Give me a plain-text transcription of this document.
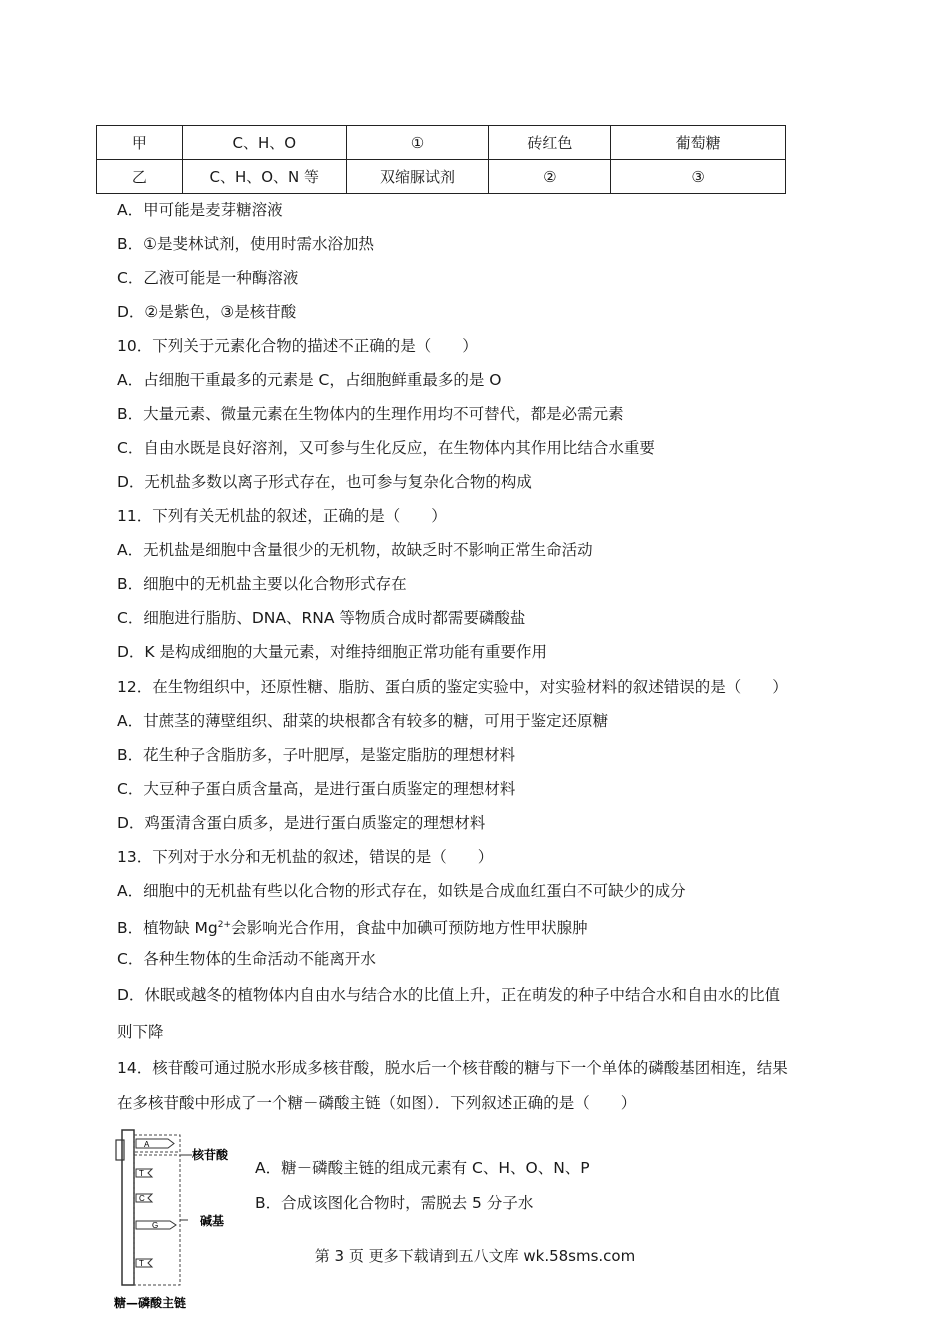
甲	C、H、O	①	砖红色	葡萄糖
乙	C、H、O、N 等	双缩脲试剂	②	③
A．甲可能是麦芽糖溶液
B．①是斐林试剂，使用时需水浴加热
C．乙液可能是一种酶溶液
D．②是紫色，③是核苷酸
10．下列关于元素化合物的描述不正确的是（　　）
A．占细胞干重最多的元素是 C，占细胞鲜重最多的是 O
B．大量元素、微量元素在生物体内的生理作用均不可替代，都是必需元素
C．自由水既是良好溶剂，又可参与生化反应，在生物体内其作用比结合水重要
D．无机盐多数以离子形式存在，也可参与复杂化合物的构成
11．下列有关无机盐的叙述，正确的是（　　）
A．无机盐是细胞中含量很少的无机物，故缺乏时不影响正常生命活动
B．细胞中的无机盐主要以化合物形式存在
C．细胞进行脂肪、DNA、RNA 等物质合成时都需要磷酸盐
D．K 是构成细胞的大量元素，对维持细胞正常功能有重要作用
12．在生物组织中，还原性糖、脂肪、蛋白质的鉴定实验中，对实验材料的叙述错误的是（　　）
A．甘蔗茎的薄壁组织、甜菜的块根都含有较多的糖，可用于鉴定还原糖
B．花生种子含脂肪多，子叶肥厚，是鉴定脂肪的理想材料
C．大豆种子蛋白质含量高，是进行蛋白质鉴定的理想材料
D．鸡蛋清含蛋白质多，是进行蛋白质鉴定的理想材料
13．下列对于水分和无机盐的叙述，错误的是（　　）
A．细胞中的无机盐有些以化合物的形式存在，如铁是合成血红蛋白不可缺少的成分
B．植物缺 $Mg^{2+}$会影响光合作用，食盐中加碘可预防地方性甲状腺肿
C．各种生物体的生命活动不能离开水
D．休眠或越冬的植物体内自由水与结合水的比值上升，正在萌发的种子中结合水和自由水的比值
则下降
14．核苷酸可通过脱水形成多核苷酸，脱水后一个核苷酸的糖与下一个单体的磷酸基团相连，结果
在多核苷酸中形成了一个糖－磷酸主链（如图）．下列叙述正确的是（　　）
A．糖－磷酸主链的组成元素有 C、H、O、N、P
B．合成该图化合物时，需脱去 5 分子水
A
T
C
G
T
核苷酸
碱基
糖—磷酸主链
第 3 页 更多下载请到五八文库 wk.58sms.com
